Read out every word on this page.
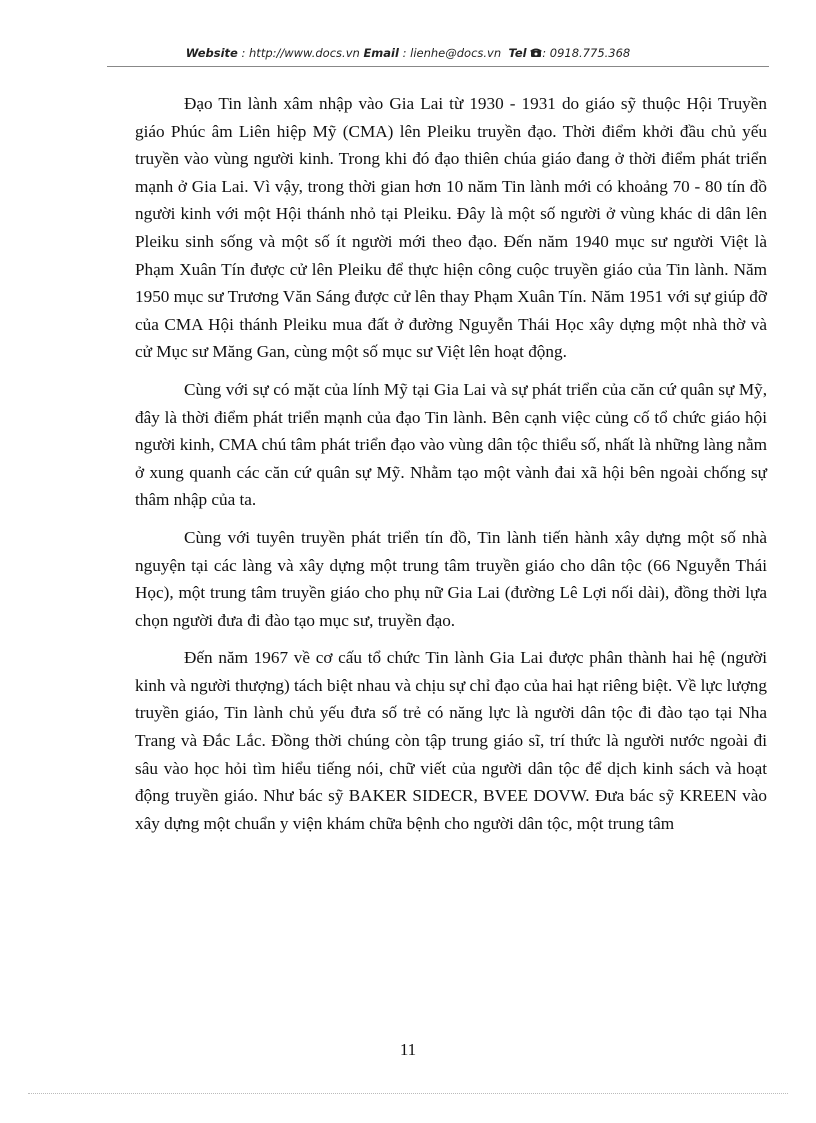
Website : http://www.docs.vn Email : lienhe@docs.vn Tel : 0918.775.368

Đạo Tin lành xâm nhập vào Gia Lai từ 1930 - 1931 do giáo sỹ thuộc Hội Truyền giáo Phúc âm Liên hiệp Mỹ (CMA) lên Pleiku truyền đạo. Thời điểm khởi đầu chủ yếu truyền vào vùng người kinh. Trong khi đó đạo thiên chúa giáo đang ở thời điểm phát triển mạnh ở Gia Lai. Vì vậy, trong thời gian hơn 10 năm Tin lành mới có khoảng 70 - 80 tín đồ người kinh với một Hội thánh nhỏ tại Pleiku. Đây là một số người ở vùng khác di dân lên Pleiku sinh sống và một số ít người mới theo đạo. Đến năm 1940 mục sư người Việt là Phạm Xuân Tín được cử lên Pleiku để thực hiện công cuộc truyền giáo của Tin lành. Năm 1950 mục sư Trương Văn Sáng được cử lên thay Phạm Xuân Tín. Năm 1951 với sự giúp đỡ của CMA Hội thánh Pleiku mua đất ở đường Nguyễn Thái Học xây dựng một nhà thờ và cử Mục sư Măng Gan, cùng một số mục sư Việt lên hoạt động.

Cùng với sự có mặt của lính Mỹ tại Gia Lai và sự phát triển của căn cứ quân sự Mỹ, đây là thời điểm phát triển mạnh của đạo Tin lành. Bên cạnh việc củng cố tổ chức giáo hội người kinh, CMA chú tâm phát triển đạo vào vùng dân tộc thiểu số, nhất là những làng nằm ở xung quanh các căn cứ quân sự Mỹ. Nhằm tạo một vành đai xã hội bên ngoài chống sự thâm nhập của ta.

Cùng với tuyên truyền phát triển tín đồ, Tin lành tiến hành xây dựng một số nhà nguyện tại các làng và xây dựng một trung tâm truyền giáo cho dân tộc (66 Nguyễn Thái Học), một trung tâm truyền giáo cho phụ nữ Gia Lai (đường Lê Lợi nối dài), đồng thời lựa chọn người đưa đi đào tạo mục sư, truyền đạo.

Đến năm 1967 về cơ cấu tổ chức Tin lành Gia Lai được phân thành hai hệ (người kinh và người thượng) tách biệt nhau và chịu sự chỉ đạo của hai hạt riêng biệt. Về lực lượng truyền giáo, Tin lành chủ yếu đưa số trẻ có năng lực là người dân tộc đi đào tạo tại Nha Trang và Đắc Lắc. Đồng thời chúng còn tập trung giáo sĩ, trí thức là người nước ngoài đi sâu vào học hỏi tìm hiểu tiếng nói, chữ viết của người dân tộc để dịch kinh sách và hoạt động truyền giáo. Như bác sỹ BAKER SIDECR, BVEE DOVW. Đưa bác sỹ KREEN vào xây dựng một chuẩn y viện khám chữa bệnh cho người dân tộc, một trung tâm

11
